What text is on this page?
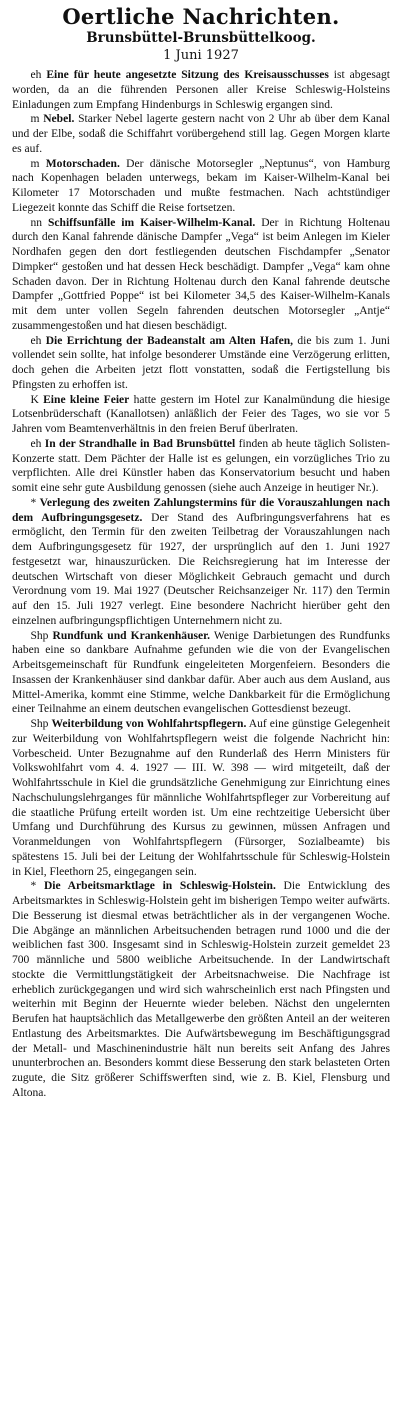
Oertliche Nachrichten.
Brunsbüttel-Brunsbüttelkoog.
1 Juni 1927

eh Eine für heute angesetzte Sitzung des Kreisausschusses ist abgesagt worden, da an die führenden Personen aller Kreise Schleswig-Holsteins Einladungen zum Empfang Hindenburgs in Schleswig ergangen sind.

m Nebel. Starker Nebel lagerte gestern nacht von 2 Uhr ab über dem Kanal und der Elbe, sodaß die Schiffahrt vorübergehend still lag. Gegen Morgen klarte es auf.

m Motorschaden. Der dänische Motorsegler „Neptunus“, von Hamburg nach Kopenhagen beladen unterwegs, bekam im Kaiser-Wilhelm-Kanal bei Kilometer 17 Motorschaden und mußte festmachen. Nach achtstündiger Liegezeit konnte das Schiff die Reise fortsetzen.

nn Schiffsunfälle im Kaiser-Wilhelm-Kanal. Der in Richtung Holtenau durch den Kanal fahrende dänische Dampfer „Vega“ ist beim Anlegen im Kieler Nordhafen gegen den dort festliegenden deutschen Fischdampfer „Senator Dimpker“ gestoßen und hat dessen Heck beschädigt. Dampfer „Vega“ kam ohne Schaden davon. Der in Richtung Holtenau durch den Kanal fahrende deutsche Dampfer „Gottfried Poppe“ ist bei Kilometer 34,5 des Kaiser-Wilhelm-Kanals mit dem unter vollen Segeln fahrenden deutschen Motorsegler „Antje“ zusammengestoßen und hat diesen beschädigt.

eh Die Errichtung der Badeanstalt am Alten Hafen, die bis zum 1. Juni vollendet sein sollte, hat infolge besonderer Umstände eine Verzögerung erlitten, doch gehen die Arbeiten jetzt flott vonstatten, sodaß die Fertigstellung bis Pfingsten zu erhoffen ist.

K Eine kleine Feier hatte gestern im Hotel zur Kanalmündung die hiesige Lotsenbrüderschaft (Kanallotsen) anläßlich der Feier des Tages, wo sie vor 5 Jahren vom Beamtenverhältnis in den freien Beruf überlraten.

eh In der Strandhalle in Bad Brunsbüttel finden ab heute täglich Solisten-Konzerte statt. Dem Pächter der Halle ist es gelungen, ein vorzügliches Trio zu verpflichten. Alle drei Künstler haben das Konservatorium besucht und haben somit eine sehr gute Ausbildung genossen (siehe auch Anzeige in heutiger Nr.).

* Verlegung des zweiten Zahlungstermins für die Vorauszahlungen nach dem Aufbringungsgesetz. Der Stand des Aufbringungsverfahrens hat es ermöglicht, den Termin für den zweiten Teilbetrag der Vorauszahlungen nach dem Aufbringungsgesetz für 1927, der ursprünglich auf den 1. Juni 1927 festgesetzt war, hinauszurücken. Die Reichsregierung hat im Interesse der deutschen Wirtschaft von dieser Möglichkeit Gebrauch gemacht und durch Verordnung vom 19. Mai 1927 (Deutscher Reichsanzeiger Nr. 117) den Termin auf den 15. Juli 1927 verlegt. Eine besondere Nachricht hierüber geht den einzelnen aufbringungspflichtigen Unternehmern nicht zu.

Shp Rundfunk und Krankenhäuser. Wenige Darbietungen des Rundfunks haben eine so dankbare Aufnahme gefunden wie die von der Evangelischen Arbeitsgemeinschaft für Rundfunk eingeleiteten Morgenfeiern. Besonders die Insassen der Krankenhäuser sind dankbar dafür. Aber auch aus dem Ausland, aus Mittel-Amerika, kommt eine Stimme, welche Dankbarkeit für die Ermöglichung einer Teilnahme an einem deutschen evangelischen Gottesdienst bezeugt.

Shp Weiterbildung von Wohlfahrtspflegern. Auf eine günstige Gelegenheit zur Weiterbildung von Wohlfahrtspflegern weist die folgende Nachricht hin: Vorbescheid. Unter Bezugnahme auf den Runderlaß des Herrn Ministers für Volkswohlfahrt vom 4. 4. 1927 — III. W. 398 — wird mitgeteilt, daß der Wohlfahrtsschule in Kiel die grundsätzliche Genehmigung zur Einrichtung eines Nachschulungslehrganges für männliche Wohlfahrtspfleger zur Vorbereitung auf die staatliche Prüfung erteilt worden ist. Um eine rechtzeitige Uebersicht über Umfang und Durchführung des Kursus zu gewinnen, müssen Anfragen und Voranmeldungen von Wohlfahrtspflegern (Fürsorger, Sozialbeamte) bis spätestens 15. Juli bei der Leitung der Wohlfahrtsschule für Schleswig-Holstein in Kiel, Fleethorn 25, eingegangen sein.

* Die Arbeitsmarktlage in Schleswig-Holstein. Die Entwicklung des Arbeitsmarktes in Schleswig-Holstein geht im bisherigen Tempo weiter aufwärts. Die Besserung ist diesmal etwas beträchtlicher als in der vergangenen Woche. Die Abgänge an männlichen Arbeitsuchenden betragen rund 1000 und die der weiblichen fast 300. Insgesamt sind in Schleswig-Holstein zurzeit gemeldet 23 700 männliche und 5800 weibliche Arbeitsuchende. In der Landwirtschaft stockte die Vermittlungstätigkeit der Arbeitsnachweise. Die Nachfrage ist erheblich zurückgegangen und wird sich wahrscheinlich erst nach Pfingsten und weiterhin mit Beginn der Heuernte wieder beleben. Nächst den ungelernten Berufen hat hauptsächlich das Metallgewerbe den größten Anteil an der weiteren Entlastung des Arbeitsmarktes. Die Aufwärtsbewegung im Beschäftigungsgrad der Metall- und Maschinenindustrie hält nun bereits seit Anfang des Jahres ununterbrochen an. Besonders kommt diese Besserung den stark belasteten Orten zugute, die Sitz größerer Schiffswerften sind, wie z. B. Kiel, Flensburg und Altona.
